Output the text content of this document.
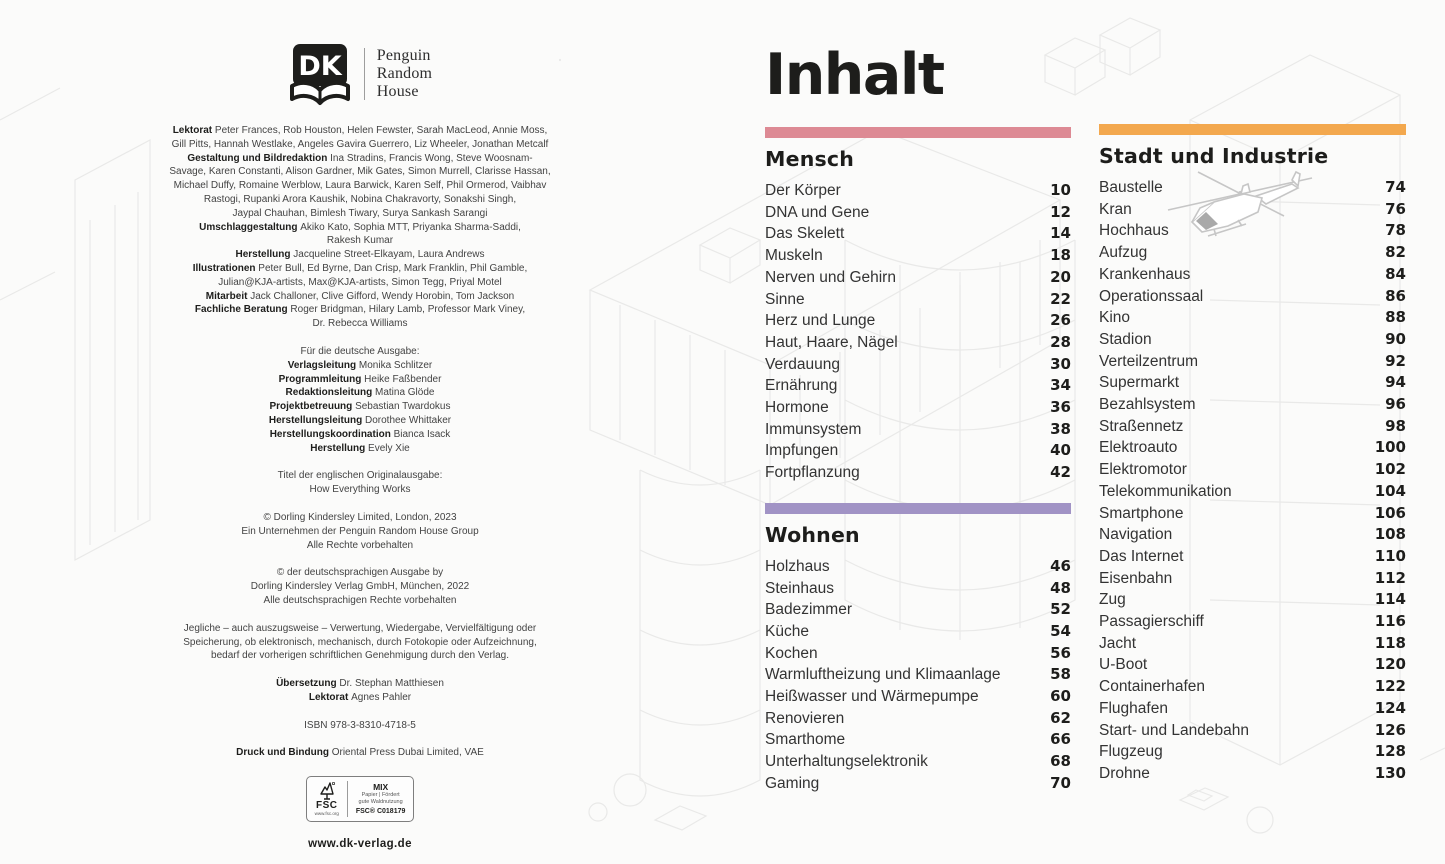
DK Penguin
Random
House
Lektorat Peter Frances, Rob Houston, Helen Fewster, Sarah MacLeod, Annie Moss,
Gill Pitts, Hannah Westlake, Angeles Gavira Guerrero, Liz Wheeler, Jonathan Metcalf
Gestaltung und Bildredaktion Ina Stradins, Francis Wong, Steve Woosnam-
Savage, Karen Constanti, Alison Gardner, Mik Gates, Simon Murrell, Clarisse Hassan,
Michael Duffy, Romaine Werblow, Laura Barwick, Karen Self, Phil Ormerod, Vaibhav
Rastogi, Rupanki Arora Kaushik, Nobina Chakravorty, Sonakshi Singh,
Jaypal Chauhan, Bimlesh Tiwary, Surya Sankash Sarangi
Umschlaggestaltung Akiko Kato, Sophia MTT, Priyanka Sharma-Saddi,
Rakesh Kumar
Herstellung Jacqueline Street-Elkayam, Laura Andrews
Illustrationen Peter Bull, Ed Byrne, Dan Crisp, Mark Franklin, Phil Gamble,
Julian@KJA-artists, Max@KJA-artists, Simon Tegg, Priyal Motel
Mitarbeit Jack Challoner, Clive Gifford, Wendy Horobin, Tom Jackson
Fachliche Beratung Roger Bridgman, Hilary Lamb, Professor Mark Viney,
Dr. Rebecca Williams
Für die deutsche Ausgabe:
Verlagsleitung Monika Schlitzer
Programmleitung Heike Faßbender
Redaktionsleitung Matina Glöde
Projektbetreuung Sebastian Twardokus
Herstellungsleitung Dorothee Whittaker
Herstellungskoordination Bianca Isack
Herstellung Evely Xie
Titel der englischen Originalausgabe:
How Everything Works
© Dorling Kindersley Limited, London, 2023
Ein Unternehmen der Penguin Random House Group
Alle Rechte vorbehalten
© der deutschsprachigen Ausgabe by
Dorling Kindersley Verlag GmbH, München, 2022
Alle deutschsprachigen Rechte vorbehalten
Jegliche – auch auszugsweise – Verwertung, Wiedergabe, Vervielfältigung oder
Speicherung, ob elektronisch, mechanisch, durch Fotokopie oder Aufzeichnung,
bedarf der vorherigen schriftlichen Genehmigung durch den Verlag.
Übersetzung Dr. Stephan Matthiesen
Lektorat Agnes Pahler
ISBN 978-3-8310-4718-5
Druck und Bindung Oriental Press Dubai Limited, VAE
FSC
www.fsc.org
MIX
Papier | Fördert
gute Waldnutzung
FSC® C018179
www.dk-verlag.de
Inhalt
Mensch
Der Körper	10
DNA und Gene	12
Das Skelett	14
Muskeln	18
Nerven und Gehirn	20
Sinne	22
Herz und Lunge	26
Haut, Haare, Nägel	28
Verdauung	30
Ernährung	34
Hormone	36
Immunsystem	38
Impfungen	40
Fortpflanzung	42
Wohnen
Holzhaus	46
Steinhaus	48
Badezimmer	52
Küche	54
Kochen	56
Warmluftheizung und Klimaanlage	58
Heißwasser und Wärmepumpe	60
Renovieren	62
Smarthome	66
Unterhaltungselektronik	68
Gaming	70
Stadt und Industrie
Baustelle	74
Kran	76
Hochhaus	78
Aufzug	82
Krankenhaus	84
Operationssaal	86
Kino	88
Stadion	90
Verteilzentrum	92
Supermarkt	94
Bezahlsystem	96
Straßennetz	98
Elektroauto	100
Elektromotor	102
Telekommunikation	104
Smartphone	106
Navigation	108
Das Internet	110
Eisenbahn	112
Zug	114
Passagierschiff	116
Jacht	118
U-Boot	120
Containerhafen	122
Flughafen	124
Start- und Landebahn	126
Flugzeug	128
Drohne	130
